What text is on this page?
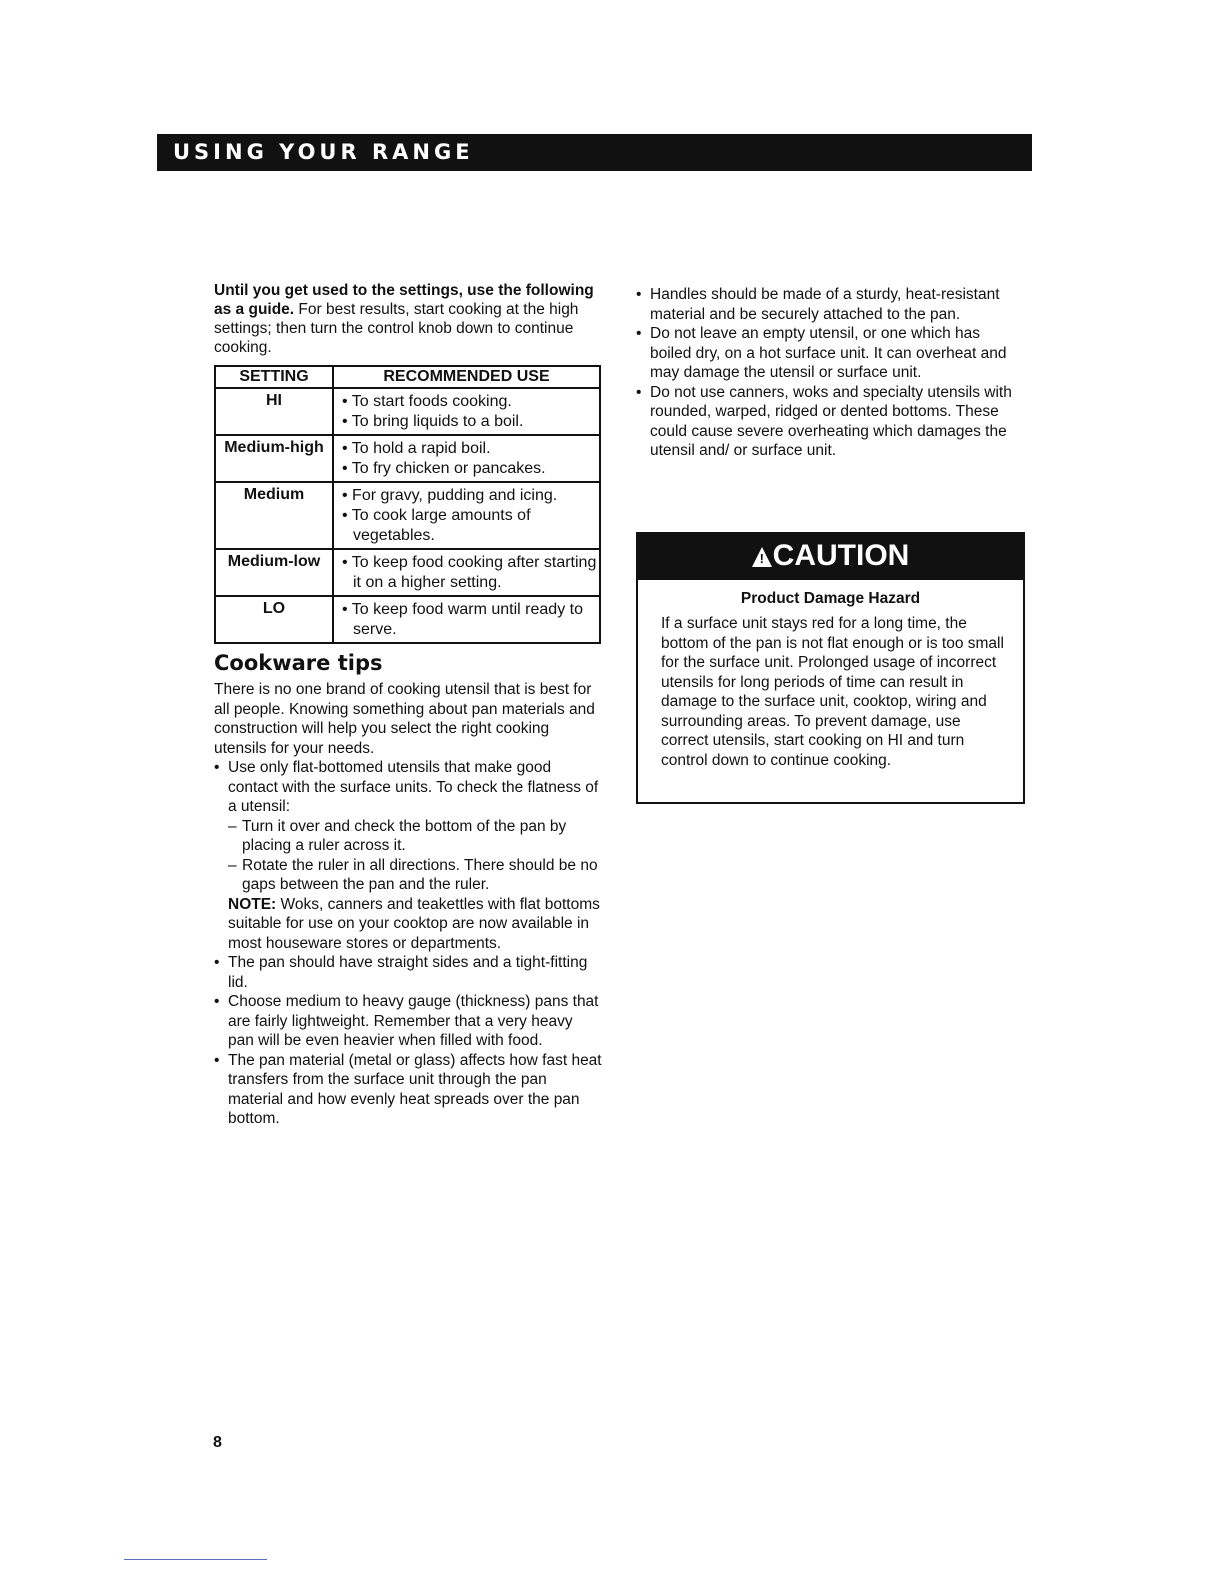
USING YOUR RANGE

Until you get used to the settings, use the following as a guide. For best results, start cooking at the high settings; then turn the control knob down to continue cooking.

SETTING	RECOMMENDED USE
HI	• To start foods cooking.
• To bring liquids to a boil.

Medium-high	• To hold a rapid boil.
• To fry chicken or pancakes.

Medium	• For gravy, pudding and icing.
• To cook large amounts of vegetables.

Medium-low	• To keep food cooking after starting it on a higher setting.

LO	• To keep food warm until ready to serve.
Cookware tips

There is no one brand of cooking utensil that is best for all people. Knowing something about pan materials and construction will help you select the right cooking utensils for your needs.

• Use only flat-bottomed utensils that make good contact with the surface units. To check the flatness of a utensil:
– Turn it over and check the bottom of the pan by placing a ruler across it.
– Rotate the ruler in all directions. There should be no gaps between the pan and the ruler.
NOTE: Woks, canners and teakettles with flat bottoms suitable for use on your cooktop are now available in most houseware stores or departments.
• The pan should have straight sides and a tight-fitting lid.
• Choose medium to heavy gauge (thickness) pans that are fairly lightweight. Remember that a very heavy pan will be even heavier when filled with food.
• The pan material (metal or glass) affects how fast heat transfers from the surface unit through the pan material and how evenly heat spreads over the pan bottom.
• Handles should be made of a sturdy, heat-resistant material and be securely attached to the pan.
• Do not leave an empty utensil, or one which has boiled dry, on a hot surface unit. It can overheat and may damage the utensil or surface unit.
• Do not use canners, woks and specialty utensils with rounded, warped, ridged or dented bottoms. These could cause severe overheating which damages the utensil and/ or surface unit.
! CAUTION
Product Damage Hazard

If a surface unit stays red for a long time, the bottom of the pan is not flat enough or is too small for the surface unit. Prolonged usage of incorrect utensils for long periods of time can result in damage to the surface unit, cooktop, wiring and surrounding areas. To prevent damage, use correct utensils, start cooking on HI and turn control down to continue cooking.

8
